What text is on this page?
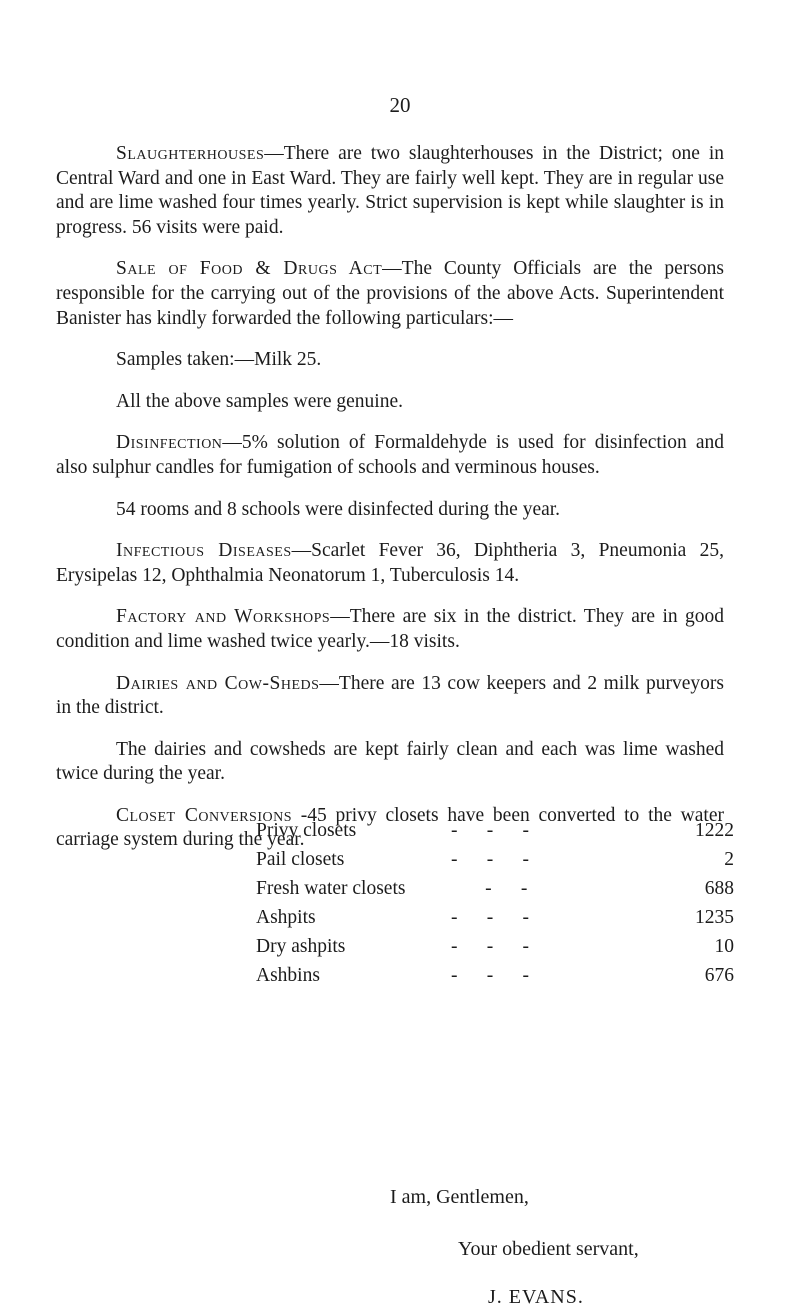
20

Slaughterhouses—There are two slaughterhouses in the District; one in Central Ward and one in East Ward. They are fairly well kept. They are in regular use and are lime washed four times yearly. Strict supervision is kept while slaughter is in progress. 56 visits were paid.

Sale of Food & Drugs Act—The County Officials are the persons responsible for the carrying out of the provisions of the above Acts. Superintendent Banister has kindly forwarded the following particulars:—

Samples taken:—Milk 25.

All the above samples were genuine.

Disinfection—5% solution of Formaldehyde is used for disinfection and also sulphur candles for fumigation of schools and verminous houses.

54 rooms and 8 schools were disinfected during the year.

Infectious Diseases—Scarlet Fever 36, Diphtheria 3, Pneumonia 25, Erysipelas 12, Ophthalmia Neonatorum 1, Tuberculosis 14.

Factory and Workshops—There are six in the district. They are in good condition and lime washed twice yearly.—18 visits.

Dairies and Cow-Sheds—There are 13 cow keepers and 2 milk purveyors in the district.

The dairies and cowsheds are kept fairly clean and each was lime washed twice during the year.

Closet Conversions -45 privy closets have been converted to the water carriage system during the year.

Privy closets	-      -      -	1222
Pail closets	-      -      -	2
Fresh water closets -      -	688
Ashpits	-      -      -	1235
Dry ashpits	-      -      -	10
Ashbins	-      -      -	676
I am, Gentlemen,
Your obedient servant,
J. EVANS.
